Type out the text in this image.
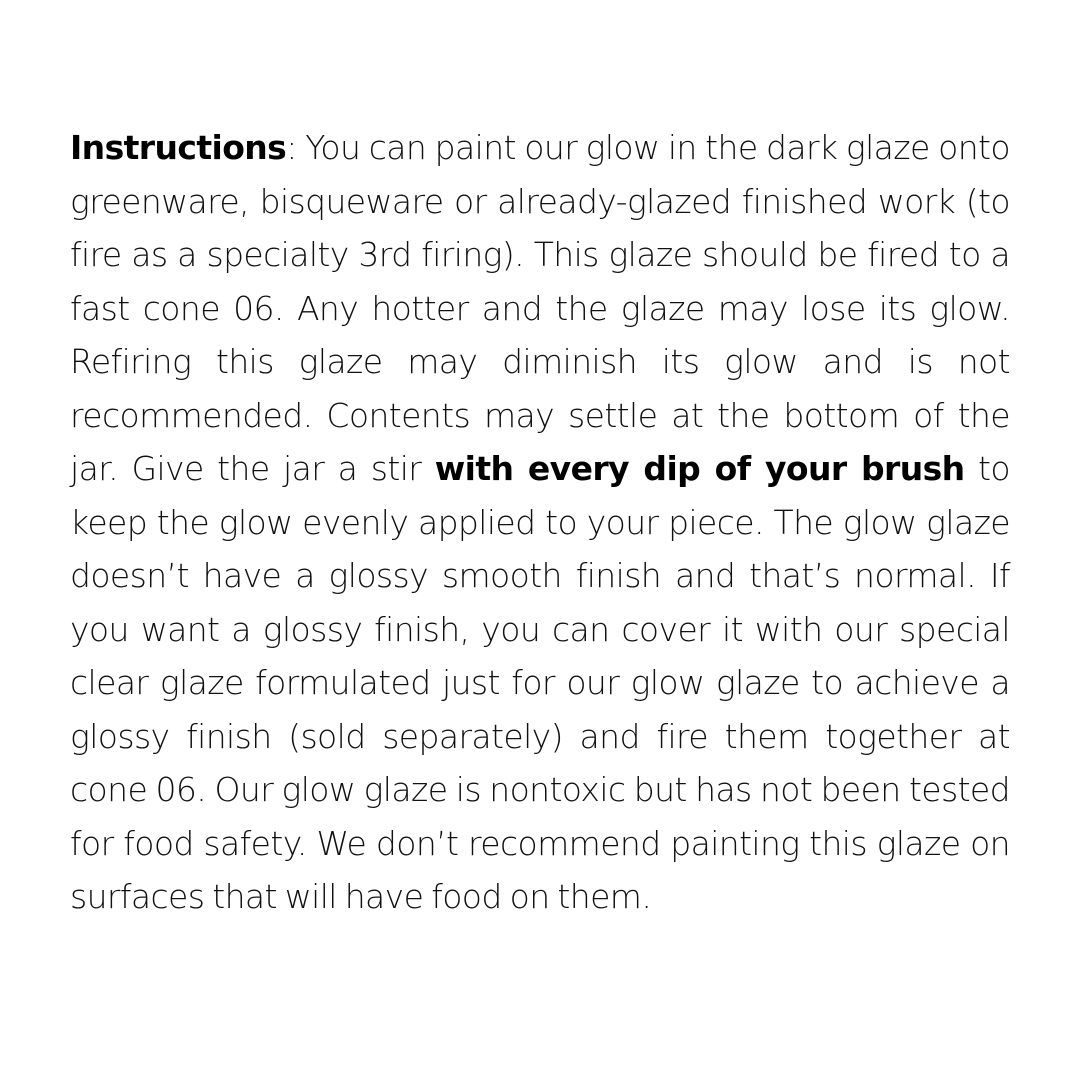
Instructions: You can paint our glow in the dark glaze onto greenware, bisqueware or already-glazed finished work (to fire as a specialty 3rd firing). This glaze should be fired to a fast cone 06. Any hotter and the glaze may lose its glow. Refiring this glaze may diminish its glow and is not recommended. Contents may settle at the bottom of the jar. Give the jar a stir with every dip of your brush to keep the glow evenly applied to your piece. The glow glaze doesn’t have a glossy smooth finish and that’s normal. If you want a glossy finish, you can cover it with our special clear glaze formulated just for our glow glaze to achieve a glossy finish (sold separately) and fire them together at cone 06. Our glow glaze is nontoxic but has not been tested for food safety. We don’t recommend painting this glaze on surfaces that will have food on them.
